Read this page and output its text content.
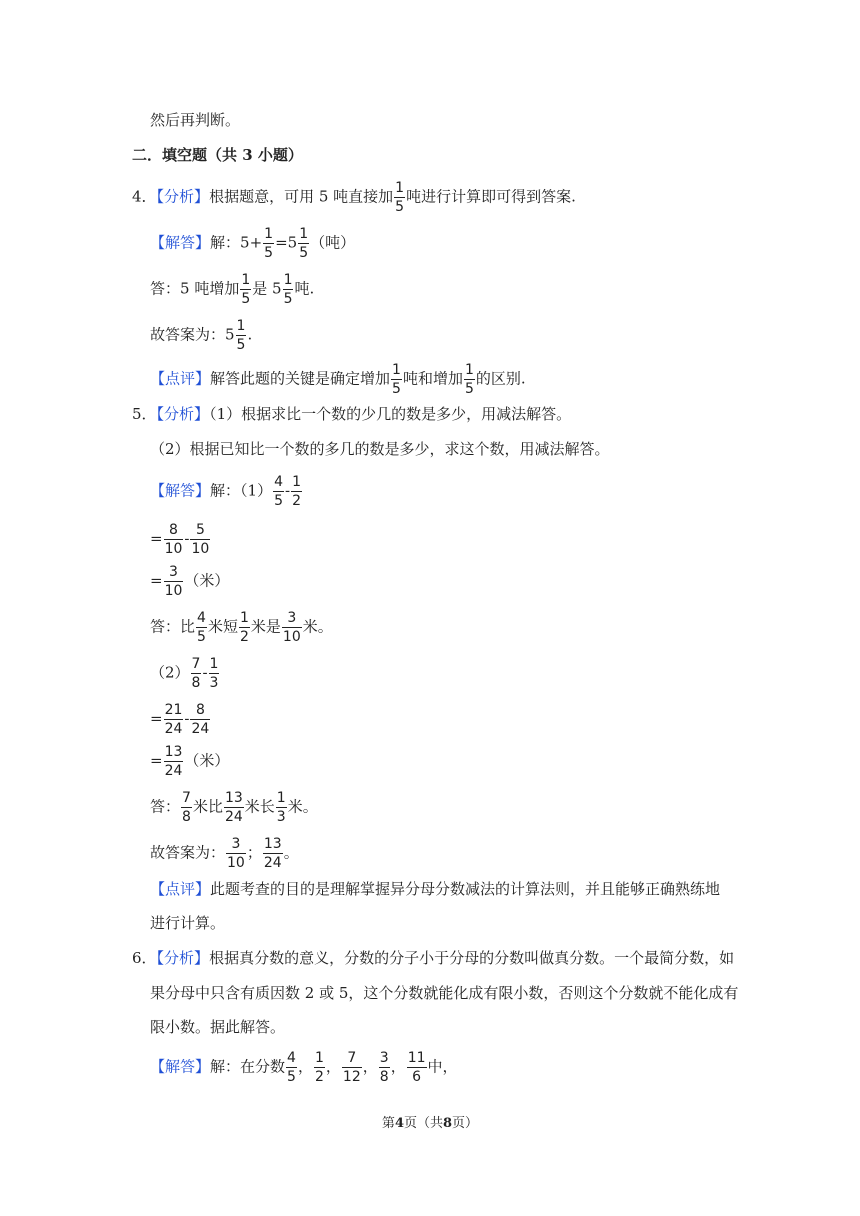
然后再判断。
二．填空题（共 3 小题）
4．【分析】根据题意，可用 5 吨直接加 $\frac{1}{5}$ 吨进行计算即可得到答案.
【解答】解：$5+ \frac{1}{5} =5 \frac{1}{5}$ （吨）
答：5 吨增加 $\frac{1}{5}$ 是 $5 \frac{1}{5}$ 吨.
故答案为：$5 \frac{1}{5}$ .
【点评】解答此题的关键是确定增加 $\frac{1}{5}$ 吨和增加 $\frac{1}{5}$ 的区别.
5．【分析】（1）根据求比一个数的少几的数是多少，用减法解答。
（2）根据已知比一个数的多几的数是多少，求这个数，用减法解答。
【解答】解：$(1) \frac{4}{5} - \frac{1}{2}$
= $\frac{8}{10} - \frac{5}{10}$
= $\frac{3}{10}$ （米）
答：比 $\frac{4}{5}$ 米短 $\frac{1}{2}$ 米是 $\frac{3}{10}$ 米。
$(2) \frac{7}{8} - \frac{1}{3}$
= $\frac{21}{24} - \frac{8}{24}$
= $\frac{13}{24}$ （米）
答： $\frac{7}{8}$ 米比 $\frac{13}{24}$ 米长 $\frac{1}{3}$ 米。
故答案为： $\frac{3}{10}$ ； $\frac{13}{24}$ 。
【点评】此题考查的目的是理解掌握异分母分数减法的计算法则，并且能够正确熟练地
进行计算。
6．【分析】根据真分数的意义，分数的分子小于分母的分数叫做真分数。一个最简分数，如
果分母中只含有质因数 2 或 5，这个分数就能化成有限小数，否则这个分数就不能化成有
限小数。据此解答。
【解答】解：在分数 $\frac{4}{5}$ ， $\frac{1}{2}$ ， $\frac{7}{12}$ ， $\frac{3}{8}$ ， $\frac{11}{6}$ 中，
第4页（共8页）
